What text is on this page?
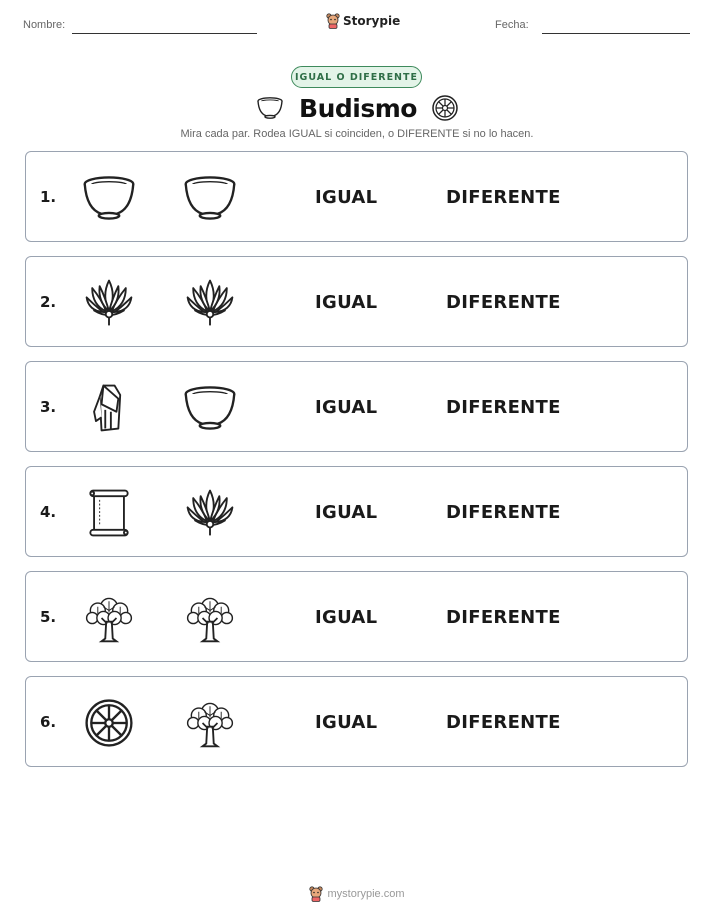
Nombre:	Storypie	Fecha:
IGUAL O DIFERENTE
Budismo
Mira cada par. Rodea IGUAL si coinciden, o DIFERENTE si no lo hacen.
1.	IGUAL	DIFERENTE
2.	IGUAL	DIFERENTE
3.	IGUAL	DIFERENTE
4.	IGUAL	DIFERENTE
5.	IGUAL	DIFERENTE
6.	IGUAL	DIFERENTE
mystorypie.com
